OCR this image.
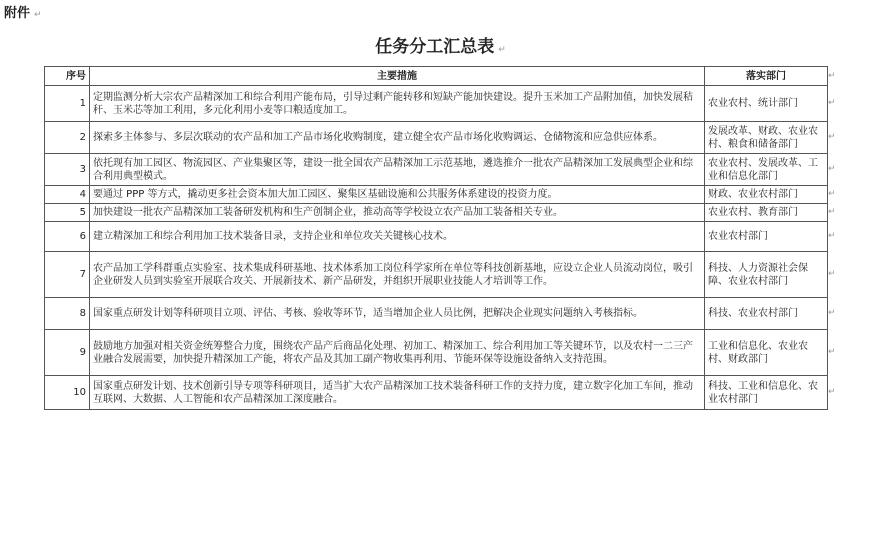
附件 ↵
任务分工汇总表 ↵
序号	主要措施	落实部门	↵
1	定期监测分析大宗农产品精深加工和综合利用产能布局，引导过剩产能转移和短缺产能加快建设。提升玉米加工产品附加值，加快发展秸秆、玉米芯等加工利用，多元化利用小麦等口粮适度加工。	农业农村、统计部门	↵
2	探索多主体参与、多层次联动的农产品和加工产品市场化收购制度，建立健全农产品市场化收购调运、仓储物流和应急供应体系。	发展改革、财政、农业农村、粮食和储备部门	↵
3	依托现有加工园区、物流园区、产业集聚区等，建设一批全国农产品精深加工示范基地，遴选推介一批农产品精深加工发展典型企业和综合利用典型模式。	农业农村、发展改革、工业和信息化部门	↵
4	要通过 PPP 等方式，撬动更多社会资本加大加工园区、聚集区基础设施和公共服务体系建设的投资力度。	财政、农业农村部门	↵
5	加快建设一批农产品精深加工装备研发机构和生产创制企业，推动高等学校设立农产品加工装备相关专业。	农业农村、教育部门	↵
6	建立精深加工和综合利用加工技术装备目录，支持企业和单位攻关关键核心技术。	农业农村部门	↵
7	农产品加工学科群重点实验室、技术集成科研基地、技术体系加工岗位科学家所在单位等科技创新基地，应设立企业人员流动岗位，吸引企业研发人员到实验室开展联合攻关、开展新技术、新产品研发，并组织开展职业技能人才培训等工作。	科技、人力资源社会保障、农业农村部门	↵
8	国家重点研发计划等科研项目立项、评估、考核、验收等环节，适当增加企业人员比例，把解决企业现实问题纳入考核指标。	科技、农业农村部门	↵
9	鼓励地方加强对相关资金统筹整合力度，围绕农产品产后商品化处理、初加工、精深加工、综合利用加工等关键环节，以及农村一二三产业融合发展需要，加快提升精深加工产能，将农产品及其加工副产物收集再利用、节能环保等设施设备纳入支持范围。	工业和信息化、农业农村、财政部门	↵
10	国家重点研发计划、技术创新引导专项等科研项目，适当扩大农产品精深加工技术装备科研工作的支持力度，建立数字化加工车间，推动互联网、大数据、人工智能和农产品精深加工深度融合。	科技、工业和信息化、农业农村部门	↵
